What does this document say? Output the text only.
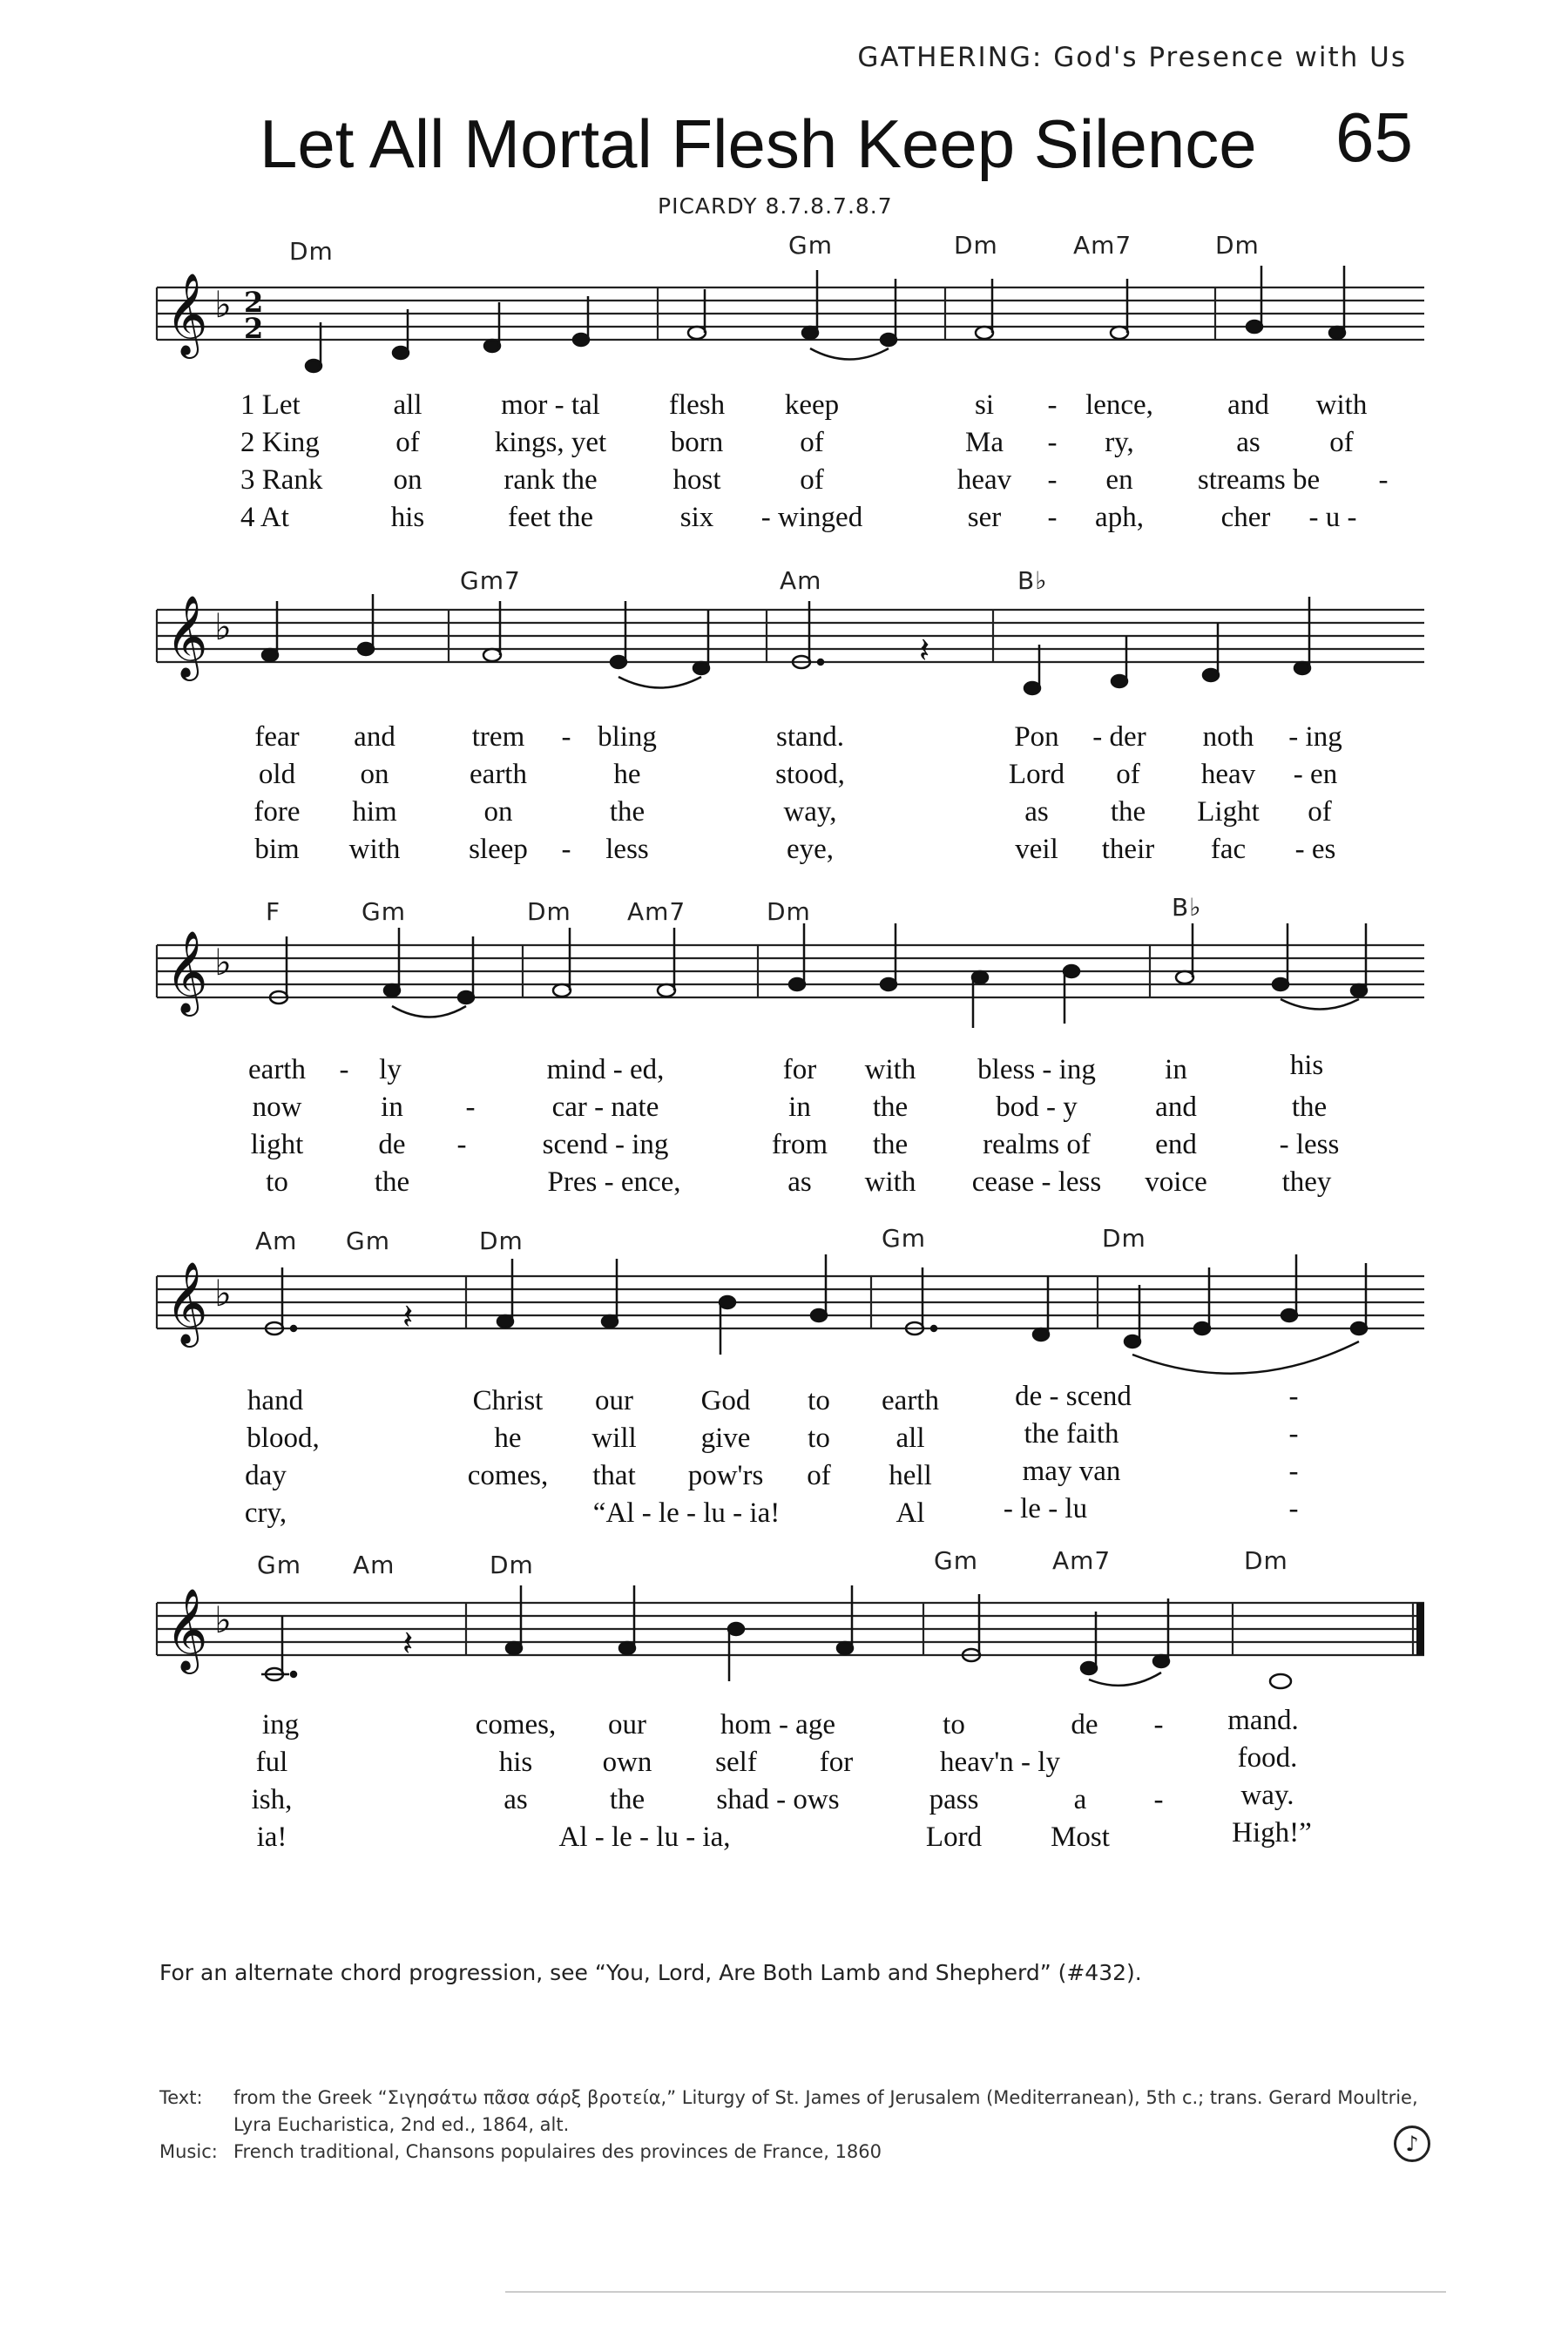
GATHERING: God's Presence with Us
Let All Mortal Flesh Keep Silence 65
PICARDY 8.7.8.7.8.7
Dm	Gm	Dm	Am7	Dm
𝄞 ♭ 2
2
1 Let	all	mor - tal flesh keep	si - lence,	and with
2 King	of	kings, yet born	of	Ma - ry,	as of
3 Rank on	rank the	host	of	heav - en streams be -
4 At	his	feet the	six - winged	ser - aph,	cher - u -
Gm7	Am	B♭
𝄞 ♭
𝄽
fear and	trem - bling	stand.	Pon - der noth - ing
old on	earth	he	stood,	Lord of heav - en
fore him	on	the	way,	as the Light of
bim with sleep - less	eye,	veil their fac - es
F	Gm	Dm Am7	Dm	B♭
𝄞 ♭
earth - ly	mind - ed,	for with bless - ing in	his
now	in -	car - nate	in the	bod - y	and	the
light	de -	scend - ing	from the	realms of end	- less
to	the	Pres - ence,	as with cease - less voice	they
Am Gm	Dm	Gm	Dm
𝄞 ♭
𝄽
hand	Christ our God to earth	de - scend	-
blood,	he will give to all	the faith	-
day	comes, that pow'rs of hell	may van	-
cry,	“Al - le - lu - ia!	Al	- le - lu	-
Gm Am	Dm	Gm	Am7	Dm
𝄞 ♭
𝄽
ing	comes, our	hom - age	to	de - mand.
ful	his own self for	heav'n - ly	food.
ish,	as	the shad - ows	pass	a -	way.
ia!	Al - le - lu - ia,	Lord Most	High!”
For an alternate chord progression, see “You, Lord, Are Both Lamb and Shepherd” (#432).
Text:	from the Greek “Σιγησάτω πᾶσα σάρξ βροτεία,” Liturgy of St. James of Jerusalem (Mediterranean), 5th c.; trans. Gerard Moultrie, Lyra Eucharistica, 2nd ed., 1864, alt.
Music: French traditional, Chansons populaires des provinces de France, 1860	♪
